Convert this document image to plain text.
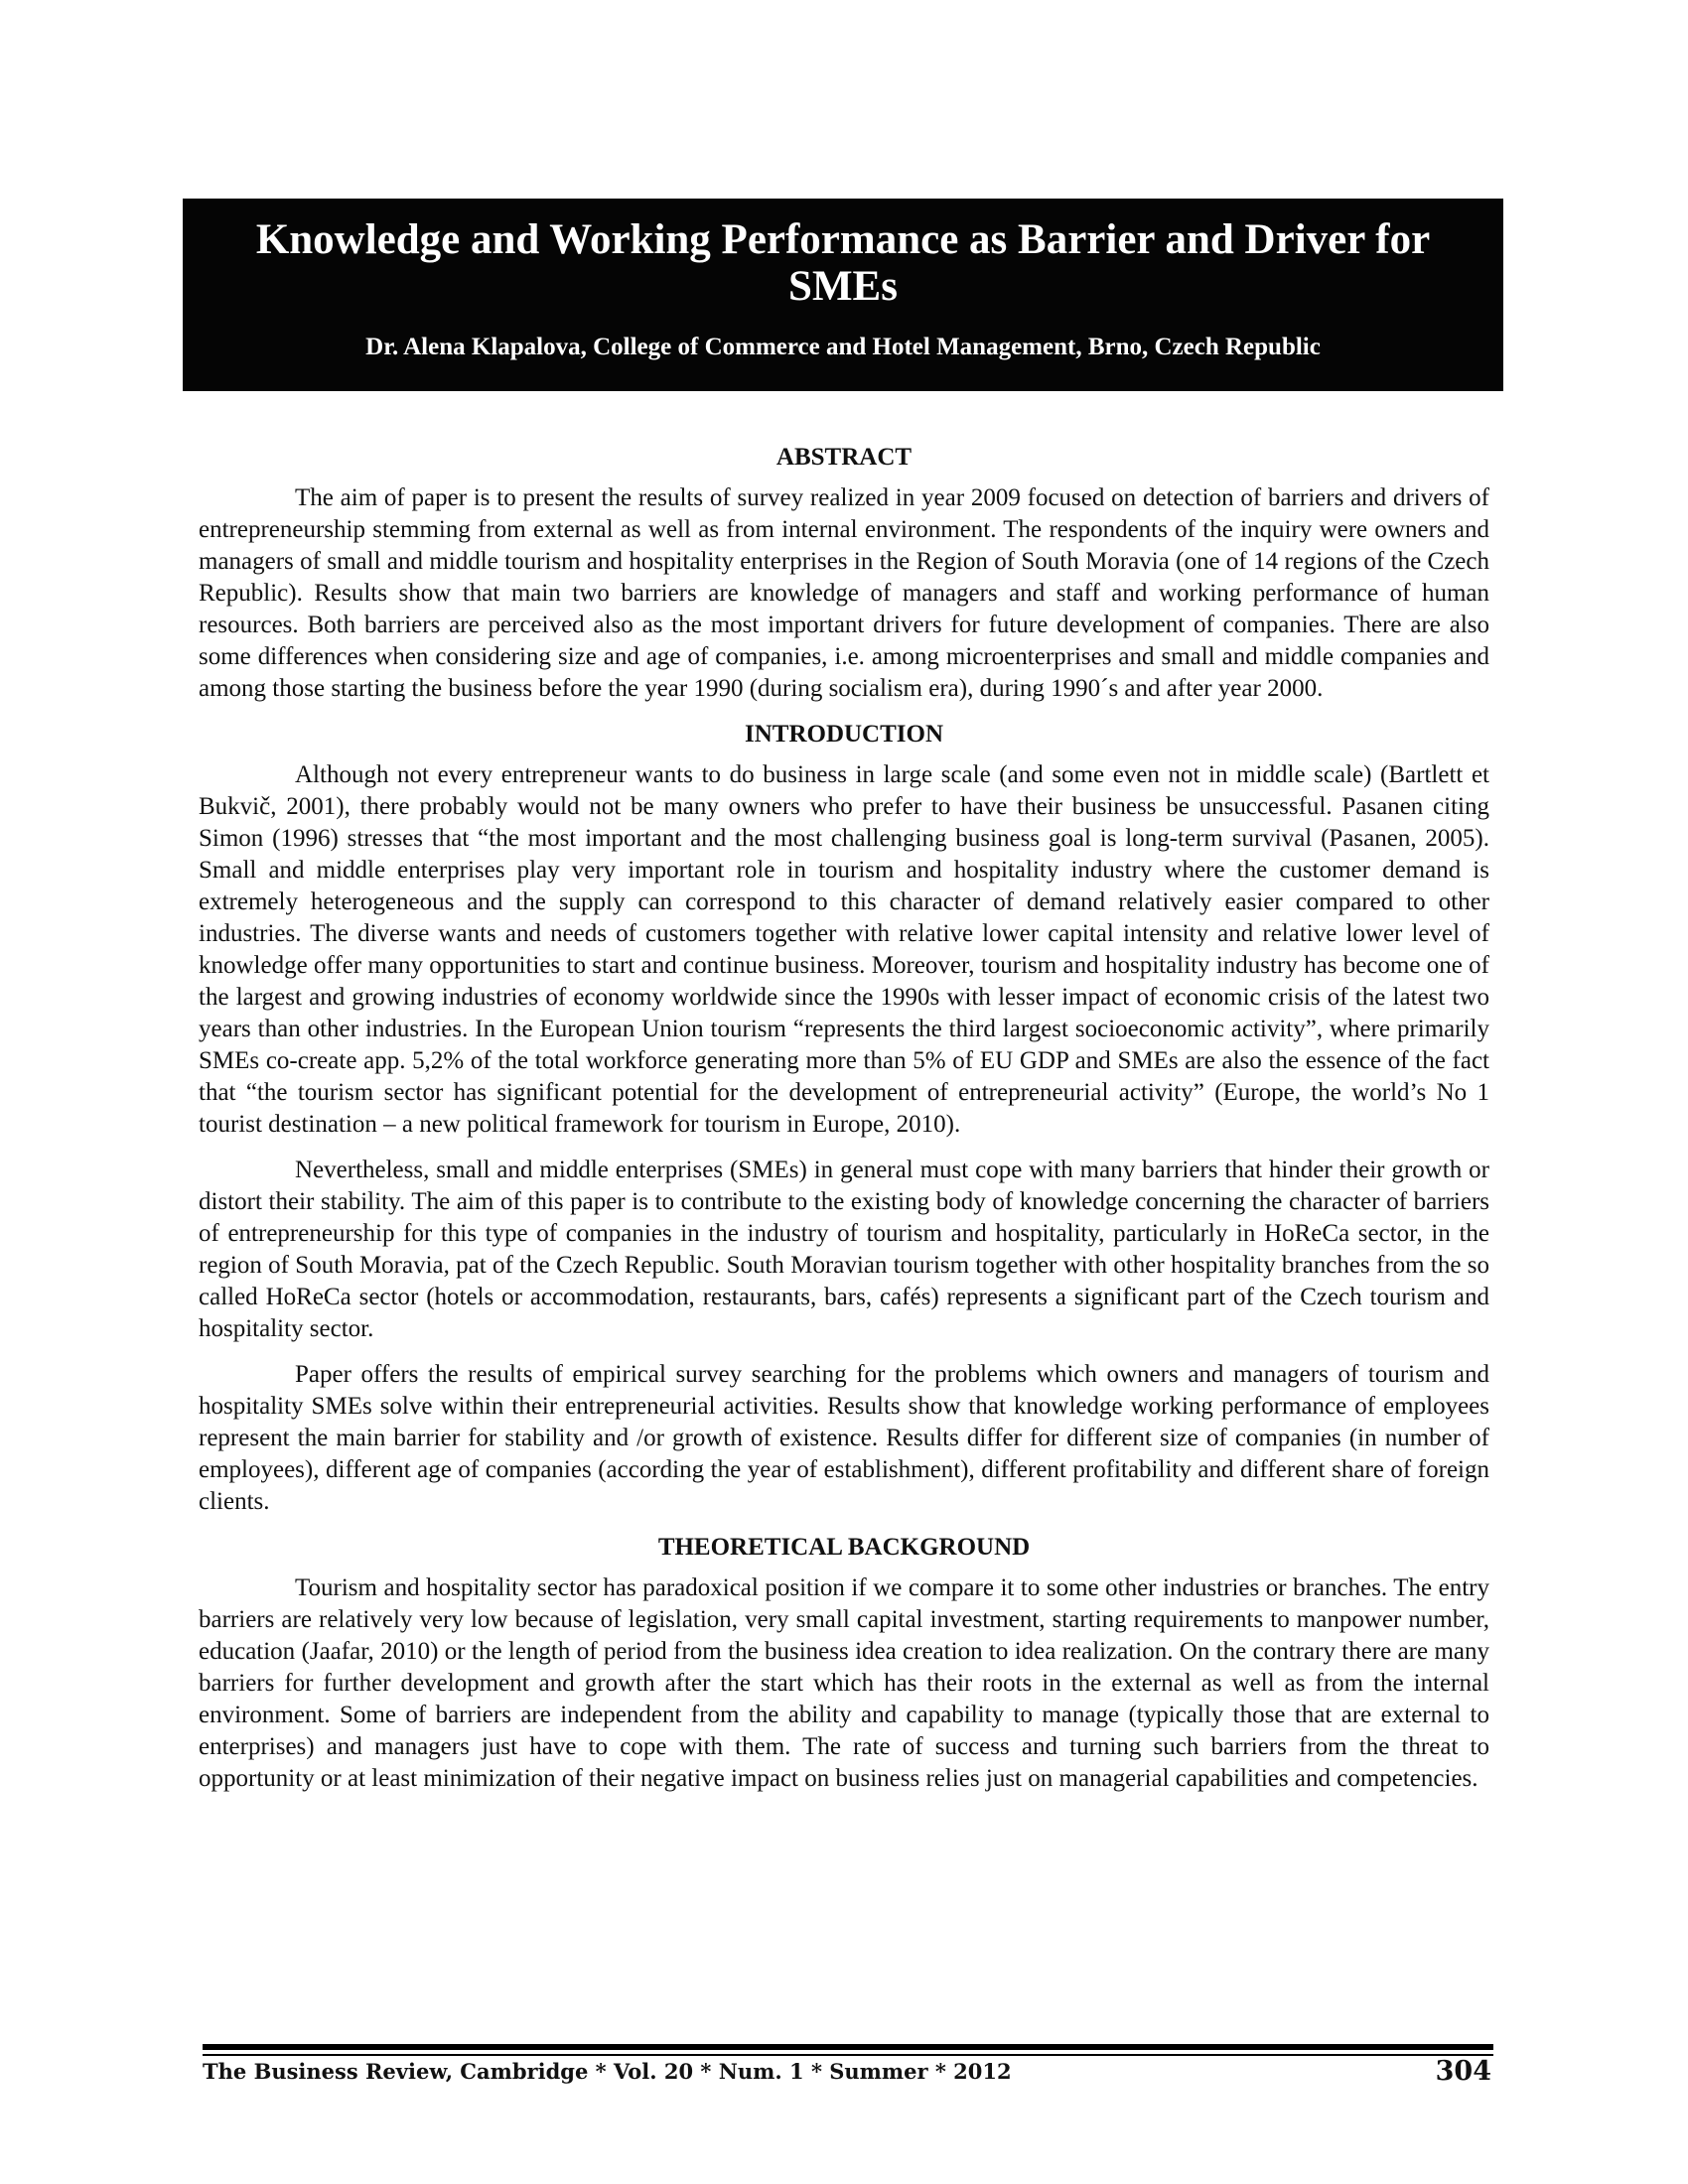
Knowledge and Working Performance as Barrier and Driver for SMEs
Dr. Alena Klapalova, College of Commerce and Hotel Management, Brno, Czech Republic
ABSTRACT

The aim of paper is to present the results of survey realized in year 2009 focused on detection of barriers and drivers of entrepreneurship stemming from external as well as from internal environment. The respondents of the inquiry were owners and managers of small and middle tourism and hospitality enterprises in the Region of South Moravia (one of 14 regions of the Czech Republic). Results show that main two barriers are knowledge of managers and staff and working performance of human resources. Both barriers are perceived also as the most important drivers for future development of companies. There are also some differences when considering size and age of companies, i.e. among microenterprises and small and middle companies and among those starting the business before the year 1990 (during socialism era), during 1990´s and after year 2000.

INTRODUCTION

Although not every entrepreneur wants to do business in large scale (and some even not in middle scale) (Bartlett et Bukvič, 2001), there probably would not be many owners who prefer to have their business be unsuccessful. Pasanen citing Simon (1996) stresses that “the most important and the most challenging business goal is long-term survival (Pasanen, 2005). Small and middle enterprises play very important role in tourism and hospitality industry where the customer demand is extremely heterogeneous and the supply can correspond to this character of demand relatively easier compared to other industries. The diverse wants and needs of customers together with relative lower capital intensity and relative lower level of knowledge offer many opportunities to start and continue business. Moreover, tourism and hospitality industry has become one of the largest and growing industries of economy worldwide since the 1990s with lesser impact of economic crisis of the latest two years than other industries. In the European Union tourism “represents the third largest socioeconomic activity”, where primarily SMEs co-create app. 5,2% of the total workforce generating more than 5% of EU GDP and SMEs are also the essence of the fact that “the tourism sector has significant potential for the development of entrepreneurial activity” (Europe, the world’s No 1 tourist destination – a new political framework for tourism in Europe, 2010).

Nevertheless, small and middle enterprises (SMEs) in general must cope with many barriers that hinder their growth or distort their stability. The aim of this paper is to contribute to the existing body of knowledge concerning the character of barriers of entrepreneurship for this type of companies in the industry of tourism and hospitality, particularly in HoReCa sector, in the region of South Moravia, pat of the Czech Republic. South Moravian tourism together with other hospitality branches from the so called HoReCa sector (hotels or accommodation, restaurants, bars, cafés) represents a significant part of the Czech tourism and hospitality sector.

Paper offers the results of empirical survey searching for the problems which owners and managers of tourism and hospitality SMEs solve within their entrepreneurial activities. Results show that knowledge working performance of employees represent the main barrier for stability and /or growth of existence. Results differ for different size of companies (in number of employees), different age of companies (according the year of establishment), different profitability and different share of foreign clients.

THEORETICAL BACKGROUND

Tourism and hospitality sector has paradoxical position if we compare it to some other industries or branches. The entry barriers are relatively very low because of legislation, very small capital investment, starting requirements to manpower number, education (Jaafar, 2010) or the length of period from the business idea creation to idea realization. On the contrary there are many barriers for further development and growth after the start which has their roots in the external as well as from the internal environment. Some of barriers are independent from the ability and capability to manage (typically those that are external to enterprises) and managers just have to cope with them. The rate of success and turning such barriers from the threat to opportunity or at least minimization of their negative impact on business relies just on managerial capabilities and competencies.

The Business Review, Cambridge * Vol. 20 * Num. 1 * Summer * 2012	304
